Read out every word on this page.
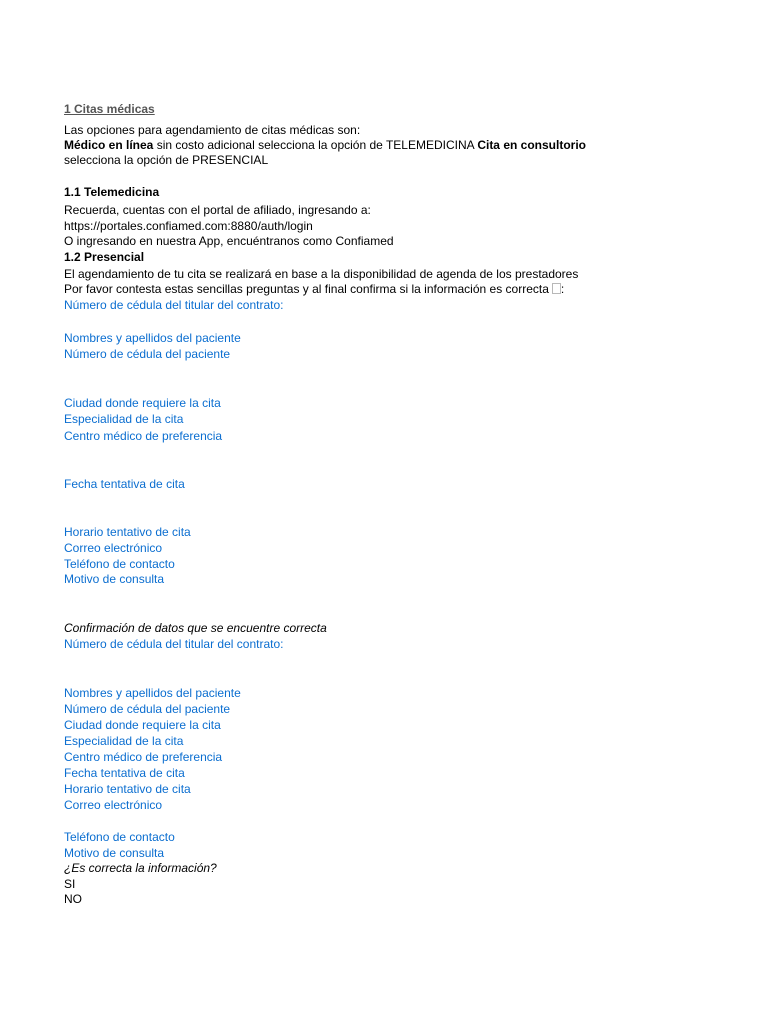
1 Citas médicas
Las opciones para agendamiento de citas médicas son:
Médico en línea sin costo adicional selecciona la opción de TELEMEDICINA Cita en consultorio
selecciona la opción de PRESENCIAL
1.1 Telemedicina
Recuerda, cuentas con el portal de afiliado, ingresando a:
https://portales.confiamed.com:8880/auth/login
O ingresando en nuestra App, encuéntranos como Confiamed
1.2 Presencial
El agendamiento de tu cita se realizará en base a la disponibilidad de agenda de los prestadores
Por favor contesta estas sencillas preguntas y al final confirma si la información es correcta :
Número de cédula del titular del contrato:
Nombres y apellidos del paciente
Número de cédula del paciente
Ciudad donde requiere la cita
Especialidad de la cita
Centro médico de preferencia
Fecha tentativa de cita
Horario tentativo de cita
Correo electrónico
Teléfono de contacto
Motivo de consulta
Confirmación de datos que se encuentre correcta
Número de cédula del titular del contrato:
Nombres y apellidos del paciente
Número de cédula del paciente
Ciudad donde requiere la cita
Especialidad de la cita
Centro médico de preferencia
Fecha tentativa de cita
Horario tentativo de cita
Correo electrónico
Teléfono de contacto
Motivo de consulta
¿Es correcta la información?
SI
NO
